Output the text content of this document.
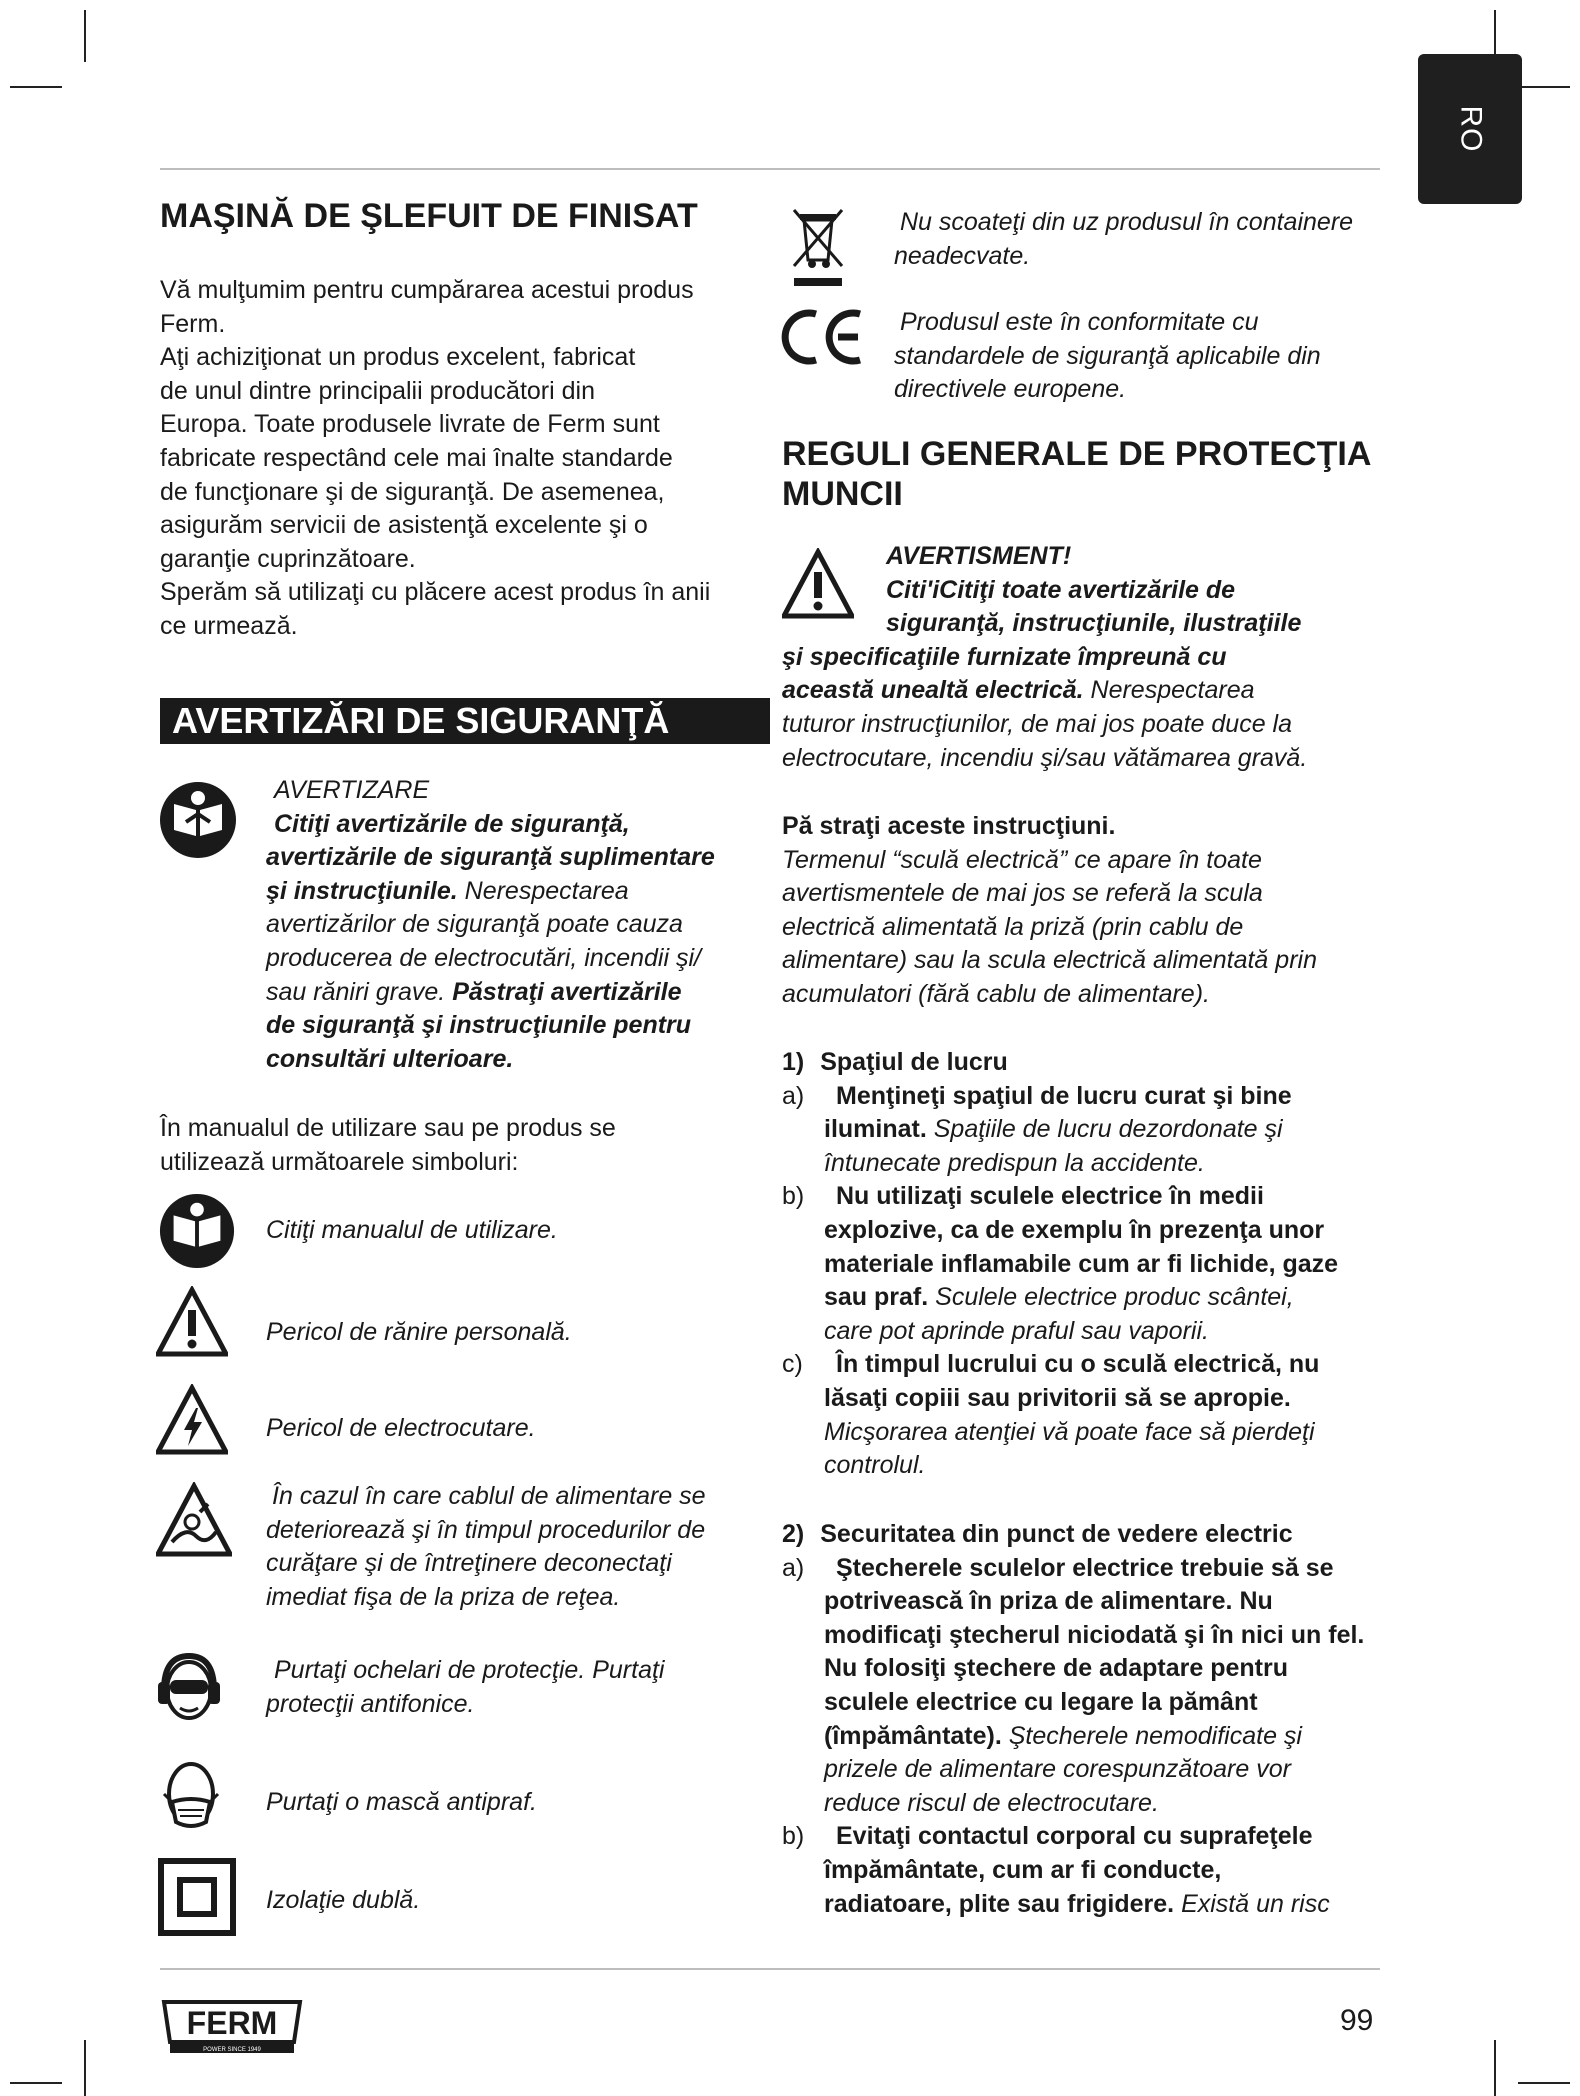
RO
MAŞINĂ DE ŞLEFUIT DE FINISAT

Vă mulţumim pentru cumpărarea acestui produs

Ferm.

Aţi achiziţionat un produs excelent, fabricat

de unul dintre principalii producători din

Europa. Toate produsele livrate de Ferm sunt

fabricate respectând cele mai înalte standarde

de funcţionare şi de siguranţă. De asemenea,

asigurăm servicii de asistenţă excelente şi o

garanţie cuprinzătoare.

Sperăm să utilizaţi cu plăcere acest produs în anii

ce urmează.

AVERTIZĂRI DE SIGURANŢĂ

AVERTIZARE

Citiţi avertizările de siguranţă,

avertizările de siguranţă suplimentare

şi instrucţiunile. Nerespectarea

avertizărilor de siguranţă poate cauza

producerea de electrocutări, incendii şi/

sau răniri grave. Păstraţi avertizările

de siguranţă şi instrucţiunile pentru

consultări ulterioare.

În manualul de utilizare sau pe produs se

utilizează următoarele simboluri:

Citiţi manualul de utilizare.
Pericol de rănire personală.
Pericol de electrocutare.

În cazul în care cablul de alimentare se

deteriorează şi în timpul procedurilor de

curăţare şi de întreţinere deconectaţi

imediat fişa de la priza de reţea.

Purtaţi ochelari de protecţie. Purtaţi

protecţii antifonice.

Purtaţi o mască antipraf.
Izolaţie dublă.

Nu scoateţi din uz produsul în containere

neadecvate.

Produsul este în conformitate cu

standardele de siguranţă aplicabile din

directivele europene.

REGULI GENERALE DE PROTECŢIA

MUNCII

AVERTISMENT!

Citi'iCitiţi toate avertizările de

siguranţă, instrucţiunile, ilustraţiile

şi specificaţiile furnizate împreună cu

această unealtă electrică. Nerespectarea

tuturor instrucţiunilor, de mai jos poate duce la

electrocutare, incendiu şi/sau vătămarea gravă.

Pă straţi aceste instrucţiuni.

Termenul “sculă electrică” ce apare în toate

avertismentele de mai jos se referă la scula

electrică alimentată la priză (prin cablu de

alimentare) sau la scula electrică alimentată prin

acumulatori (fără cablu de alimentare).

1) Spaţiul de lucru

a)	Menţineţi spaţiul de lucru curat şi bine

iluminat. Spaţiile de lucru dezordonate şi

întunecate predispun la accidente.

b)	Nu utilizaţi sculele electrice în medii

explozive, ca de exemplu în prezenţa unor

materiale inflamabile cum ar fi lichide, gaze

sau praf. Sculele electrice produc scântei,

care pot aprinde praful sau vaporii.

c)	În timpul lucrului cu o sculă electrică, nu

lăsaţi copiii sau privitorii să se apropie.

Micşorarea atenţiei vă poate face să pierdeţi

controlul.

2) Securitatea din punct de vedere electric

a)	Ştecherele sculelor electrice trebuie să se

potrivească în priza de alimentare. Nu

modificaţi ştecherul niciodată şi în nici un fel.

Nu folosiţi ştechere de adaptare pentru

sculele electrice cu legare la pământ

(împământate). Ştecherele nemodificate şi

prizele de alimentare corespunzătoare vor

reduce riscul de electrocutare.

b)	Evitaţi contactul corporal cu suprafeţele

împământate, cum ar fi conducte,

radiatoare, plite sau frigidere. Există un risc

FERM
POWER SINCE 1949
99
